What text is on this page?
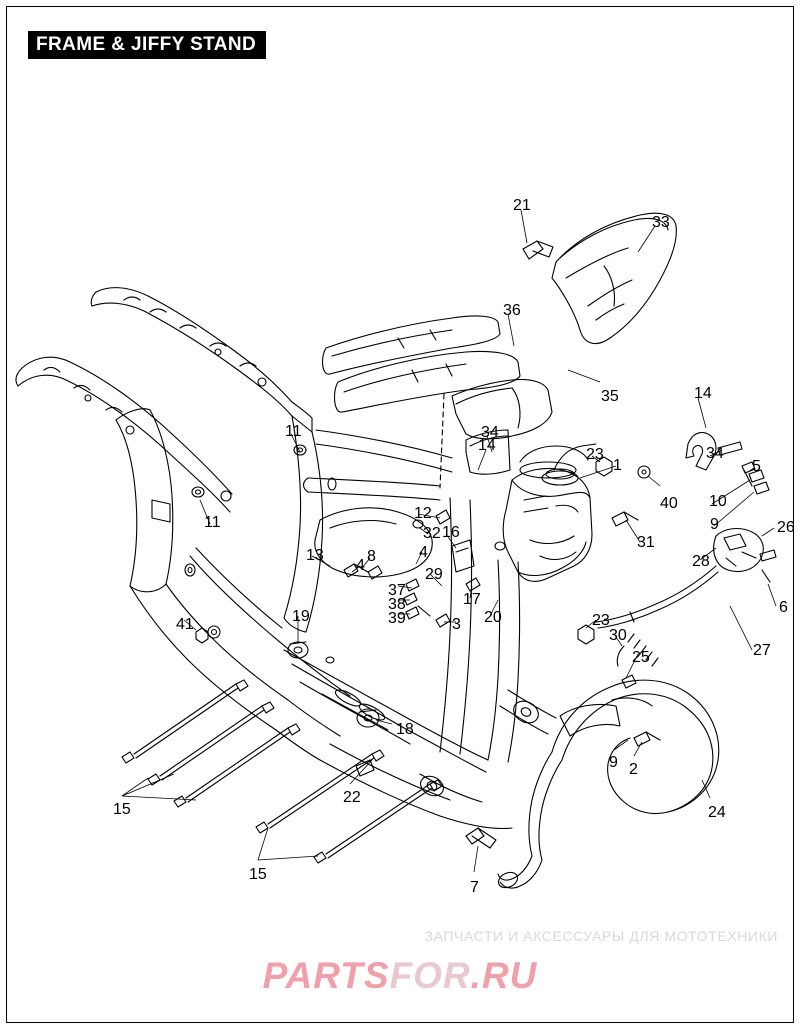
FRAME & JIFFY STAND
21
33
36
35	14
34
11
14
1
23	34
5
40 10
9	26
11
12
16
32
31
28
13	8	4
4
29
6
37
38
39
17
20
3	23
30
27
19
41
25
18
9 2
24
15
22
15
7
ЗАПЧАСТИ И АКСЕССУАРЫ ДЛЯ МОТОТЕХНИКИ
PARTSFOR.RU
